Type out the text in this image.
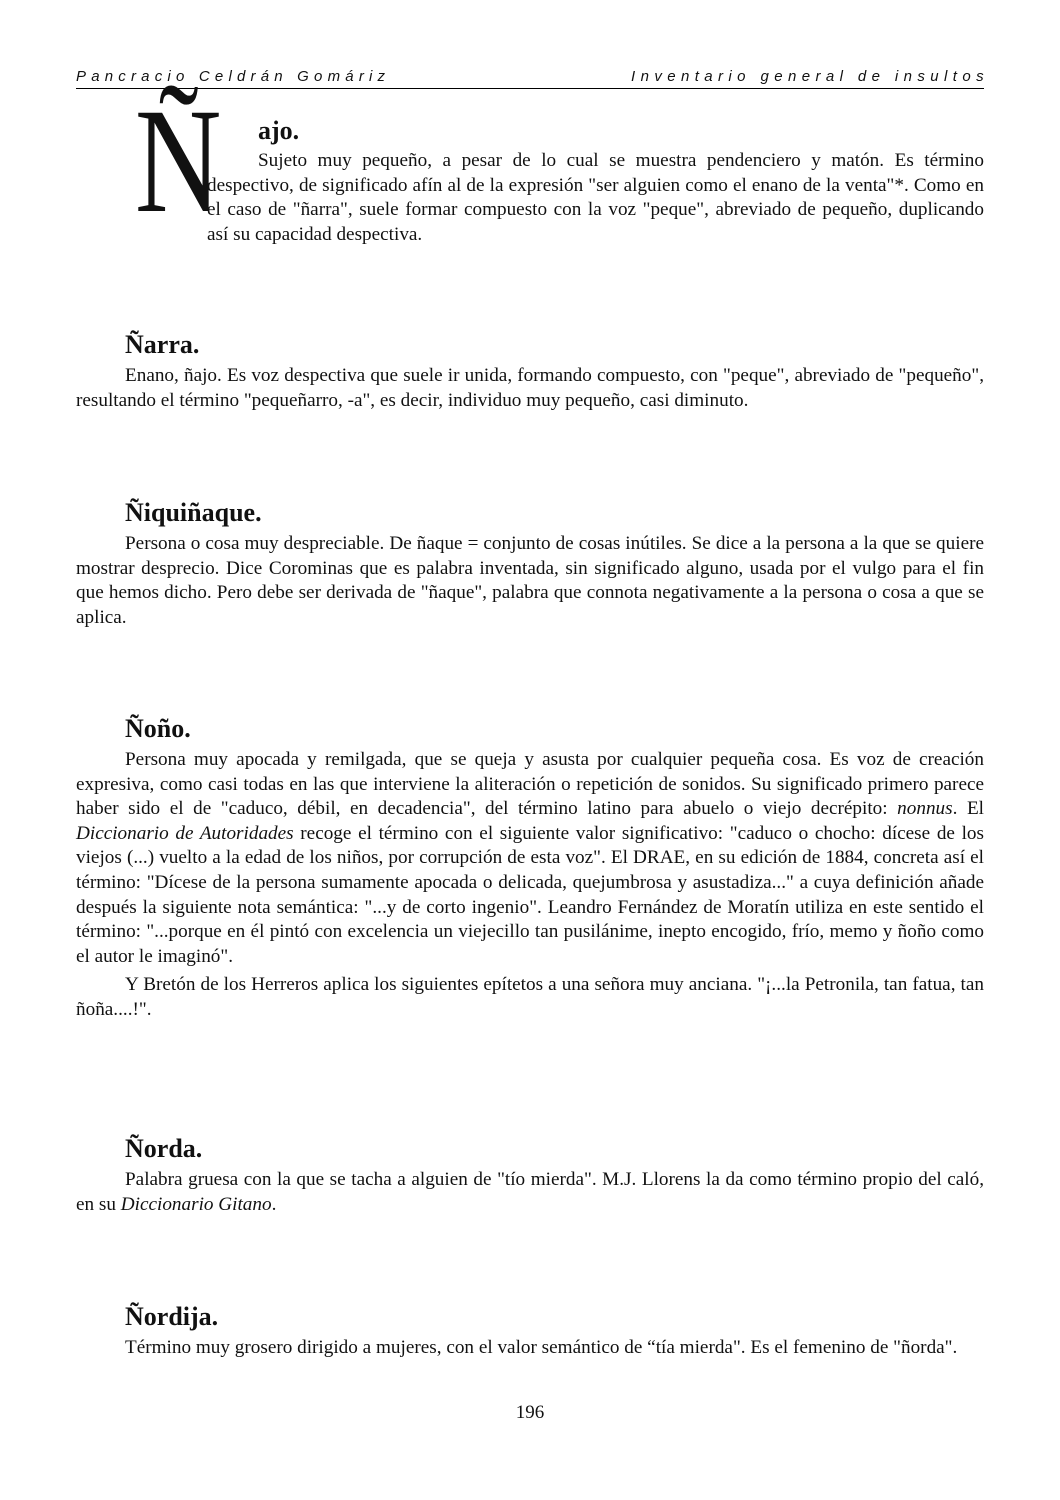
Pancracio Celdrán Gomáriz	Inventario general de insultos
Ñ ajo.

Sujeto muy pequeño, a pesar de lo cual se muestra pendenciero y matón. Es término despectivo, de significado afín al de la expresión "ser alguien como el enano de la venta"*. Como en el caso de "ñarra", suele formar compuesto con la voz "peque", abreviado de pequeño, duplicando así su capacidad despectiva.

Ñarra.

Enano, ñajo. Es voz despectiva que suele ir unida, formando compuesto, con "peque", abreviado de "pequeño", resultando el término "pequeñarro, -a", es decir, individuo muy pequeño, casi diminuto.

Ñiquiñaque.

Persona o cosa muy despreciable. De ñaque = conjunto de cosas inútiles. Se dice a la persona a la que se quiere mostrar desprecio. Dice Corominas que es palabra inventada, sin significado alguno, usada por el vulgo para el fin que hemos dicho. Pero debe ser derivada de "ñaque", palabra que connota negativamente a la persona o cosa a que se aplica.

Ñoño.

Persona muy apocada y remilgada, que se queja y asusta por cualquier pequeña cosa. Es voz de creación expresiva, como casi todas en las que interviene la aliteración o repetición de sonidos. Su significado primero parece haber sido el de "caduco, débil, en decadencia", del término latino para abuelo o viejo decrépito: nonnus. El Diccionario de Autoridades recoge el término con el siguiente valor significativo: "caduco o chocho: dícese de los viejos (...) vuelto a la edad de los niños, por corrupción de esta voz". El DRAE, en su edición de 1884, concreta así el término: "Dícese de la persona sumamente apocada o delicada, quejumbrosa y asustadiza..." a cuya definición añade después la siguiente nota semántica: "...y de corto ingenio". Leandro Fernández de Moratín utiliza en este sentido el término: "...porque en él pintó con excelencia un viejecillo tan pusilánime, inepto encogido, frío, memo y ñoño como el autor le imaginó".

Y Bretón de los Herreros aplica los siguientes epítetos a una señora muy anciana. "¡...la Petronila, tan fatua, tan ñoña....!".

Ñorda.

Palabra gruesa con la que se tacha a alguien de "tío mierda". M.J. Llorens la da como término propio del caló, en su Diccionario Gitano.

Ñordija.

Término muy grosero dirigido a mujeres, con el valor semántico de “tía mierda". Es el femenino de "ñorda".

196
